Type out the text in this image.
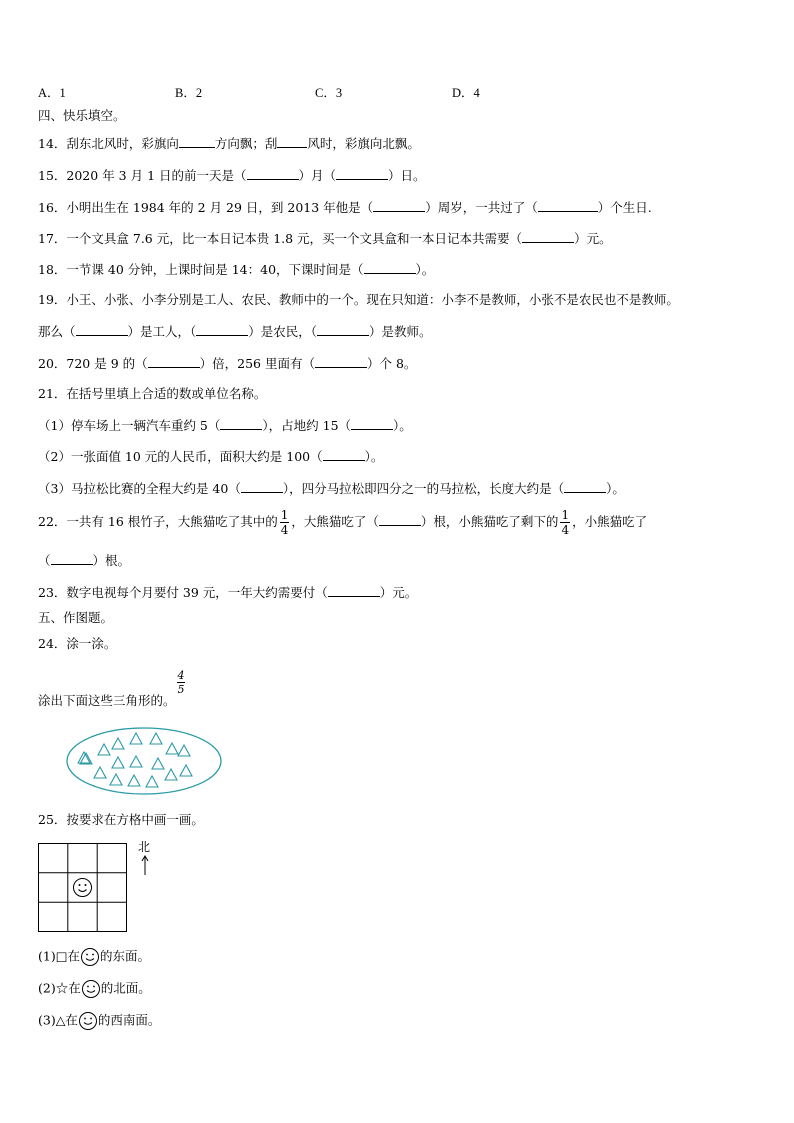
A．1	B．2	C．3	D．4
四、快乐填空。
14．刮东北风时，彩旗向	方向飘；刮 风时，彩旗向北飘。
15．2020 年 3 月 1 日的前一天是（	）月（	）日。
16．小明出生在 1984 年的 2 月 29 日，到 2013 年他是（	）周岁，一共过了（	）个生日.
17．一个文具盒 7.6 元，比一本日记本贵 1.8 元，买一个文具盒和一本日记本共需要（	）元。
18．一节课 40 分钟，上课时间是 14：40，下课时间是（	）。
19．小王、小张、小李分别是工人、农民、教师中的一个。现在只知道：小李不是教师，小张不是农民也不是教师。
那么（	）是工人，（	）是农民，（	）是教师。
20．720 是 9 的（	）倍，256 里面有（	）个 8。
21．在括号里填上合适的数或单位名称。
（1）停车场上一辆汽车重约 5（	），占地约 15（	）。
（2）一张面值 10 元的人民币，面积大约是 100（	）。
（3）马拉松比赛的全程大约是 40（	），四分马拉松即四分之一的马拉松，长度大约是（	）。
22．一共有 16 根竹子，大熊猫吃了其中的 $\frac{1}{4}$ ，大熊猫吃了（	）根，小熊猫吃了剩下的 $\frac{1}{4}$ ，小熊猫吃了
（	）根。
23．数字电视每个月要付 39 元，一年大约需要付（	）元。
五、作图题。
24．涂一涂。
涂出下面这些三角形的。
$\frac{4}{5}$
25．按要求在方格中画一画。
北
(1)□在 的东面。
(2)☆在 的北面。
(3)△在 的西南面。
